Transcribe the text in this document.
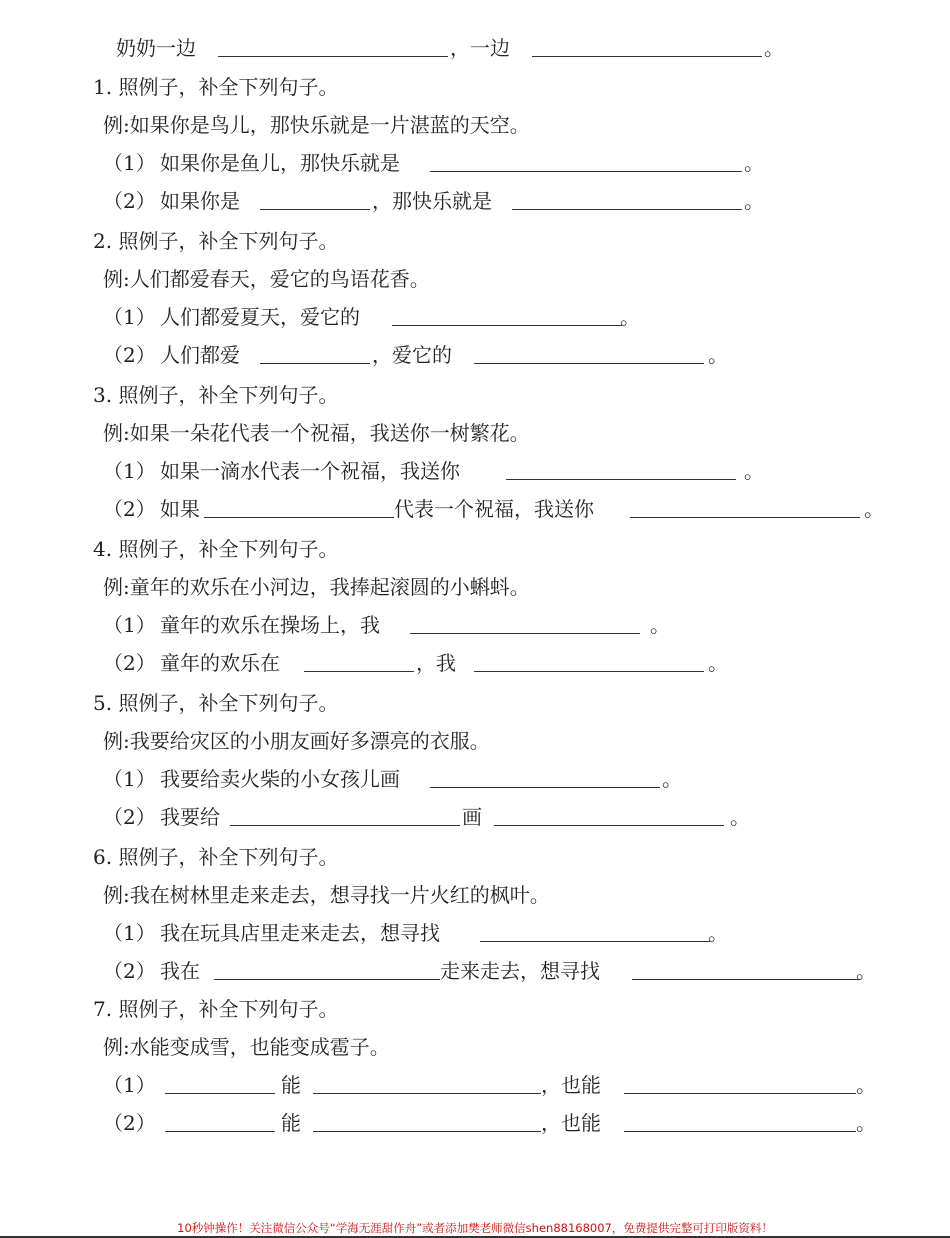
奶奶一边	，一边	。
1. 照例子，补全下列句子。
例:如果你是鸟儿，那快乐就是一片湛蓝的天空。
（1） 如果你是鱼儿，那快乐就是	。
（2） 如果你是	，那快乐就是	。
2. 照例子，补全下列句子。
例:人们都爱春天，爱它的鸟语花香。
（1） 人们都爱夏天，爱它的	。
（2） 人们都爱	，爱它的	。
3. 照例子，补全下列句子。
例:如果一朵花代表一个祝福，我送你一树繁花。
（1） 如果一滴水代表一个祝福，我送你	。
（2） 如果	代表一个祝福，我送你	。
4. 照例子，补全下列句子。
例:童年的欢乐在小河边，我捧起滚圆的小蝌蚪。
（1） 童年的欢乐在操场上，我	。
（2） 童年的欢乐在	，我	。
5. 照例子，补全下列句子。
例:我要给灾区的小朋友画好多漂亮的衣服。
（1） 我要给卖火柴的小女孩儿画	。
（2） 我要给	画	。
6. 照例子，补全下列句子。
例:我在树林里走来走去，想寻找一片火红的枫叶。
（1） 我在玩具店里走来走去，想寻找	。
（2） 我在	走来走去，想寻找	。
7. 照例子，补全下列句子。
例:水能变成雪，也能变成雹子。
（1）	能	，也能	。
（2）	能	，也能	。
10秒钟操作！关注微信公众号“学海无涯甜作舟”或者添加樊老师微信shen88168007，免费提供完整可打印版资料！
